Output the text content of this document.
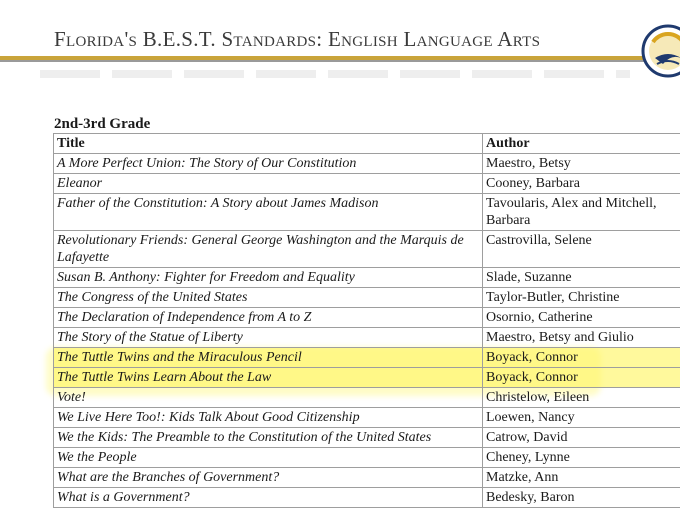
Florida's B.E.S.T. Standards: English Language Arts
2nd-3rd Grade
Title	Author
A More Perfect Union: The Story of Our Constitution	Maestro, Betsy
Eleanor	Cooney, Barbara
Father of the Constitution: A Story about James Madison	Tavoularis, Alex and Mitchell, Barbara
Revolutionary Friends: General George Washington and the Marquis de Lafayette	Castrovilla, Selene
Susan B. Anthony: Fighter for Freedom and Equality	Slade, Suzanne
The Congress of the United States	Taylor-Butler, Christine
The Declaration of Independence from A to Z	Osornio, Catherine
The Story of the Statue of Liberty	Maestro, Betsy and Giulio
The Tuttle Twins and the Miraculous Pencil	Boyack, Connor
The Tuttle Twins Learn About the Law	Boyack, Connor
Vote!	Christelow, Eileen
We Live Here Too!: Kids Talk About Good Citizenship	Loewen, Nancy
We the Kids: The Preamble to the Constitution of the United States	Catrow, David
We the People	Cheney, Lynne
What are the Branches of Government?	Matzke, Ann
What is a Government?	Bedesky, Baron
